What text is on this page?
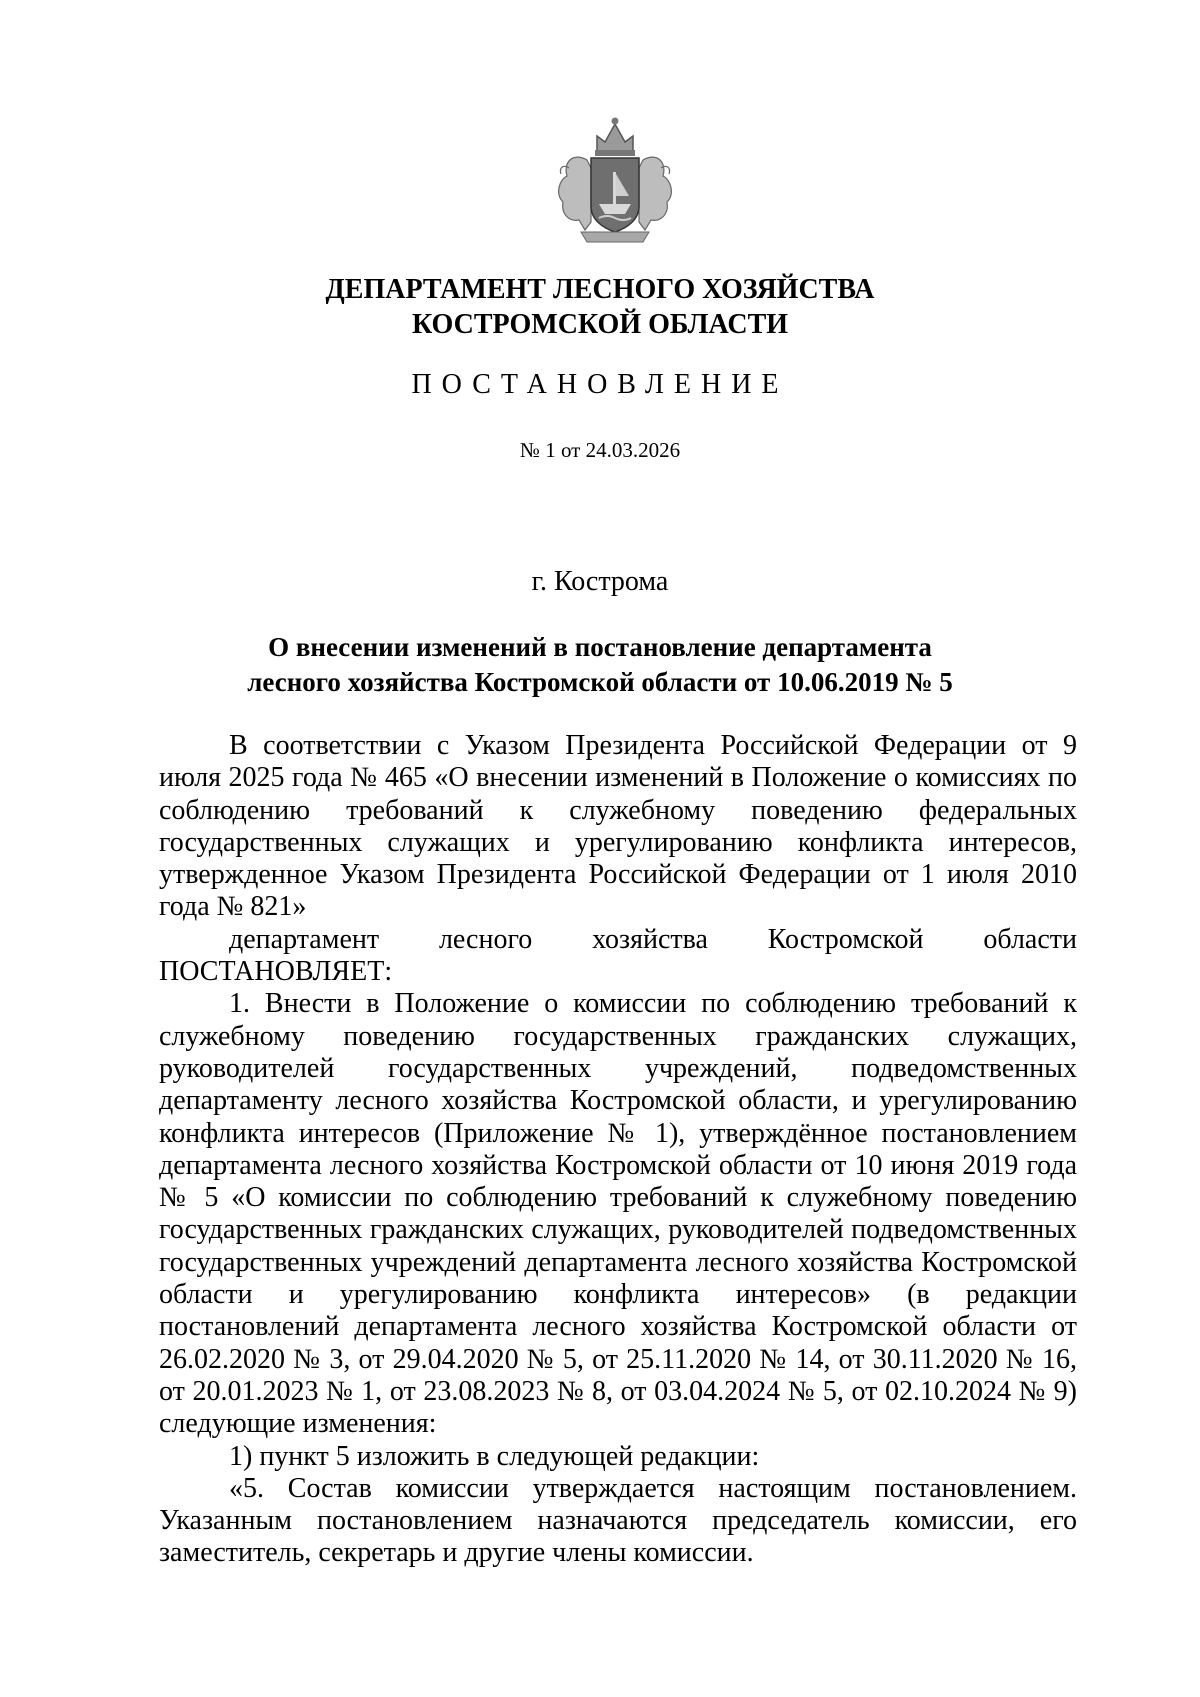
ДЕПАРТАМЕНТ ЛЕСНОГО ХОЗЯЙСТВА
КОСТРОМСКОЙ ОБЛАСТИ
ПОСТАНОВЛЕНИЕ
№ 1 от 24.03.2026
г. Кострома
О внесении изменений в постановление департамента
лесного хозяйства Костромской области от 10.06.2019 № 5

В соответствии с Указом Президента Российской Федерации от 9 июля 2025 года № 465 «О внесении изменений в Положение о комиссиях по соблюдению требований к служебному поведению федеральных государственных служащих и урегулированию конфликта интересов, утвержденное Указом Президента Российской Федерации от 1 июля 2010 года № 821»

департамент лесного хозяйства Костромской области

ПОСТАНОВЛЯЕТ:

1. Внести в Положение о комиссии по соблюдению требований к служебному поведению государственных гражданских служащих, руководителей государственных учреждений, подведомственных департаменту лесного хозяйства Костромской области, и урегулированию конфликта интересов (Приложение № 1), утверждённое постановлением департамента лесного хозяйства Костромской области от 10 июня 2019 года № 5 «О комиссии по соблюдению требований к служебному поведению государственных гражданских служащих, руководителей подведомственных государственных учреждений департамента лесного хозяйства Костромской области и урегулированию конфликта интересов» (в редакции постановлений департамента лесного хозяйства Костромской области от 26.02.2020 № 3, от 29.04.2020 № 5, от 25.11.2020 № 14, от 30.11.2020 № 16, от 20.01.2023 № 1, от 23.08.2023 № 8, от 03.04.2024 № 5, от 02.10.2024 № 9) следующие изменения:

1) пункт 5 изложить в следующей редакции:

«5. Состав комиссии утверждается настоящим постановлением. Указанным постановлением назначаются председатель комиссии, его заместитель, секретарь и другие члены комиссии.
